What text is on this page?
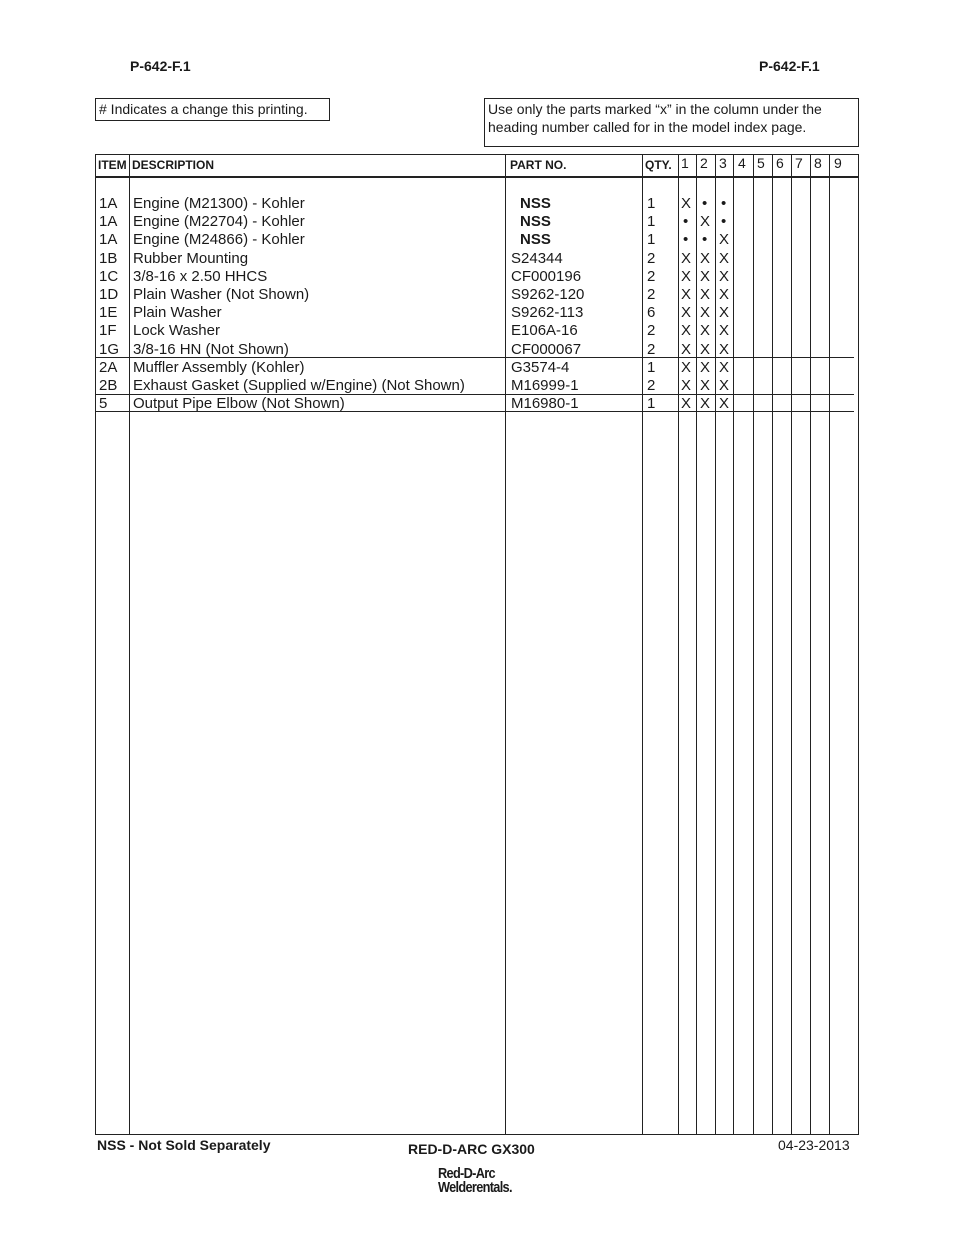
P-642-F.1	P-642-F.1
# Indicates a change this printing.	Use only the parts marked “x” in the column under the heading number called for in the model index page.
ITEM DESCRIPTION	PART NO.	QTY. 1 2 3 4 5 6 7 8 9
1A Engine (M21300) - Kohler	NSS	1 X • •
1A Engine (M22704) - Kohler	NSS	1 • X •
1A Engine (M24866) - Kohler	NSS	1 • • X
1B Rubber Mounting	S24344	2 X X X
1C 3/8-16 x 2.50 HHCS	CF000196	2 X X X
1D Plain Washer (Not Shown)	S9262-120	2 X X X
1E Plain Washer	S9262-113	6 X X X
1F Lock Washer	E106A-16	2 X X X
1G 3/8-16 HN (Not Shown)	CF000067	2 X X X
2A Muffler Assembly (Kohler)	G3574-4	1 X X X
2B Exhaust Gasket (Supplied w/Engine) (Not Shown)	M16999-1	2 X X X
5 Output Pipe Elbow (Not Shown)	M16980-1	1 X X X
NSS - Not Sold Separately	RED-D-ARC GX300	04-23-2013
Red-D-Arc
Welderentals.
